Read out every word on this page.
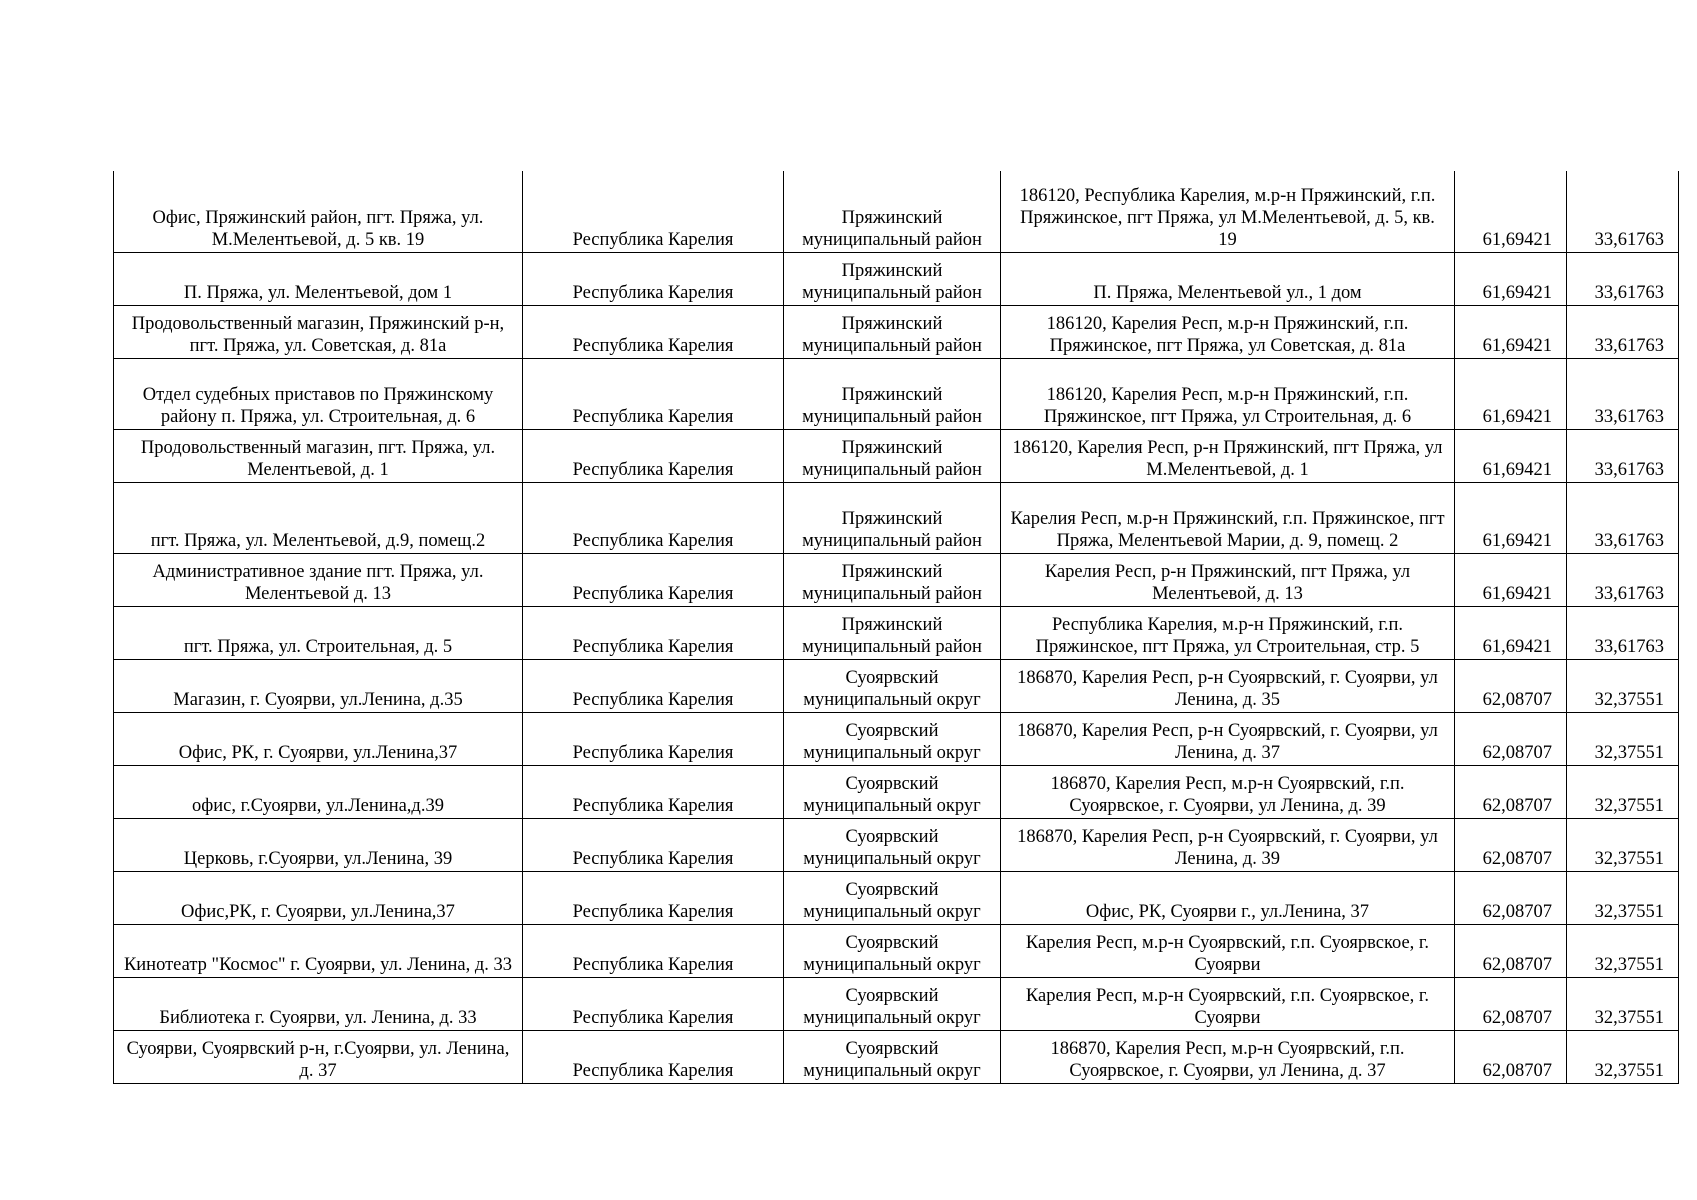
Офис, Пряжинский район, пгт. Пряжа, ул. М.Мелентьевой, д. 5 кв. 19	Республика Карелия	Пряжинский муниципальный район	186120, Республика Карелия, м.р-н Пряжинский, г.п. Пряжинское, пгт Пряжа, ул М.Мелентьевой, д. 5, кв. 19	61,69421	33,61763
П. Пряжа, ул. Мелентьевой, дом 1	Республика Карелия	Пряжинский муниципальный район	П. Пряжа, Мелентьевой ул., 1 дом	61,69421	33,61763
Продовольственный магазин, Пряжинский р-н, пгт. Пряжа, ул. Советская, д. 81а	Республика Карелия	Пряжинский муниципальный район	186120, Карелия Респ, м.р-н Пряжинский, г.п. Пряжинское, пгт Пряжа, ул Советская, д. 81а	61,69421	33,61763
Отдел судебных приставов по Пряжинскому району п. Пряжа, ул. Строительная, д. 6	Республика Карелия	Пряжинский муниципальный район	186120, Карелия Респ, м.р-н Пряжинский, г.п. Пряжинское, пгт Пряжа, ул Строительная, д. 6	61,69421	33,61763
Продовольственный магазин, пгт. Пряжа, ул. Мелентьевой, д. 1	Республика Карелия	Пряжинский муниципальный район	186120, Карелия Респ, р-н Пряжинский, пгт Пряжа, ул М.Мелентьевой, д. 1	61,69421	33,61763
пгт. Пряжа, ул. Мелентьевой, д.9, помещ.2	Республика Карелия	Пряжинский муниципальный район	Карелия Респ, м.р-н Пряжинский, г.п. Пряжинское, пгт Пряжа, Мелентьевой Марии, д. 9, помещ. 2	61,69421	33,61763
Административное здание пгт. Пряжа, ул. Мелентьевой д. 13	Республика Карелия	Пряжинский муниципальный район	Карелия Респ, р-н Пряжинский, пгт Пряжа, ул Мелентьевой, д. 13	61,69421	33,61763
пгт. Пряжа, ул. Строительная, д. 5	Республика Карелия	Пряжинский муниципальный район	Республика Карелия, м.р-н Пряжинский, г.п. Пряжинское, пгт Пряжа, ул Строительная, стр. 5	61,69421	33,61763
Магазин, г. Суоярви, ул.Ленина, д.35	Республика Карелия	Суоярвский муниципальный округ	186870, Карелия Респ, р-н Суоярвский, г. Суоярви, ул Ленина, д. 35	62,08707	32,37551
Офис, РК, г. Суоярви, ул.Ленина,37	Республика Карелия	Суоярвский муниципальный округ	186870, Карелия Респ, р-н Суоярвский, г. Суоярви, ул Ленина, д. 37	62,08707	32,37551
офис, г.Суоярви, ул.Ленина,д.39	Республика Карелия	Суоярвский муниципальный округ	186870, Карелия Респ, м.р-н Суоярвский, г.п. Суоярвское, г. Суоярви, ул Ленина, д. 39	62,08707	32,37551
Церковь, г.Суоярви, ул.Ленина, 39	Республика Карелия	Суоярвский муниципальный округ	186870, Карелия Респ, р-н Суоярвский, г. Суоярви, ул Ленина, д. 39	62,08707	32,37551
Офис,РК, г. Суоярви, ул.Ленина,37	Республика Карелия	Суоярвский муниципальный округ	Офис, РК, Суоярви г., ул.Ленина, 37	62,08707	32,37551
Кинотеатр "Космос" г. Суоярви, ул. Ленина, д. 33	Республика Карелия	Суоярвский муниципальный округ	Карелия Респ, м.р-н Суоярвский, г.п. Суоярвское, г. Суоярви	62,08707	32,37551
Библиотека г. Суоярви, ул. Ленина, д. 33	Республика Карелия	Суоярвский муниципальный округ	Карелия Респ, м.р-н Суоярвский, г.п. Суоярвское, г. Суоярви	62,08707	32,37551
Суоярви, Суоярвский р-н, г.Суоярви, ул. Ленина, д. 37	Республика Карелия	Суоярвский муниципальный округ	186870, Карелия Респ, м.р-н Суоярвский, г.п. Суоярвское, г. Суоярви, ул Ленина, д. 37	62,08707	32,37551
